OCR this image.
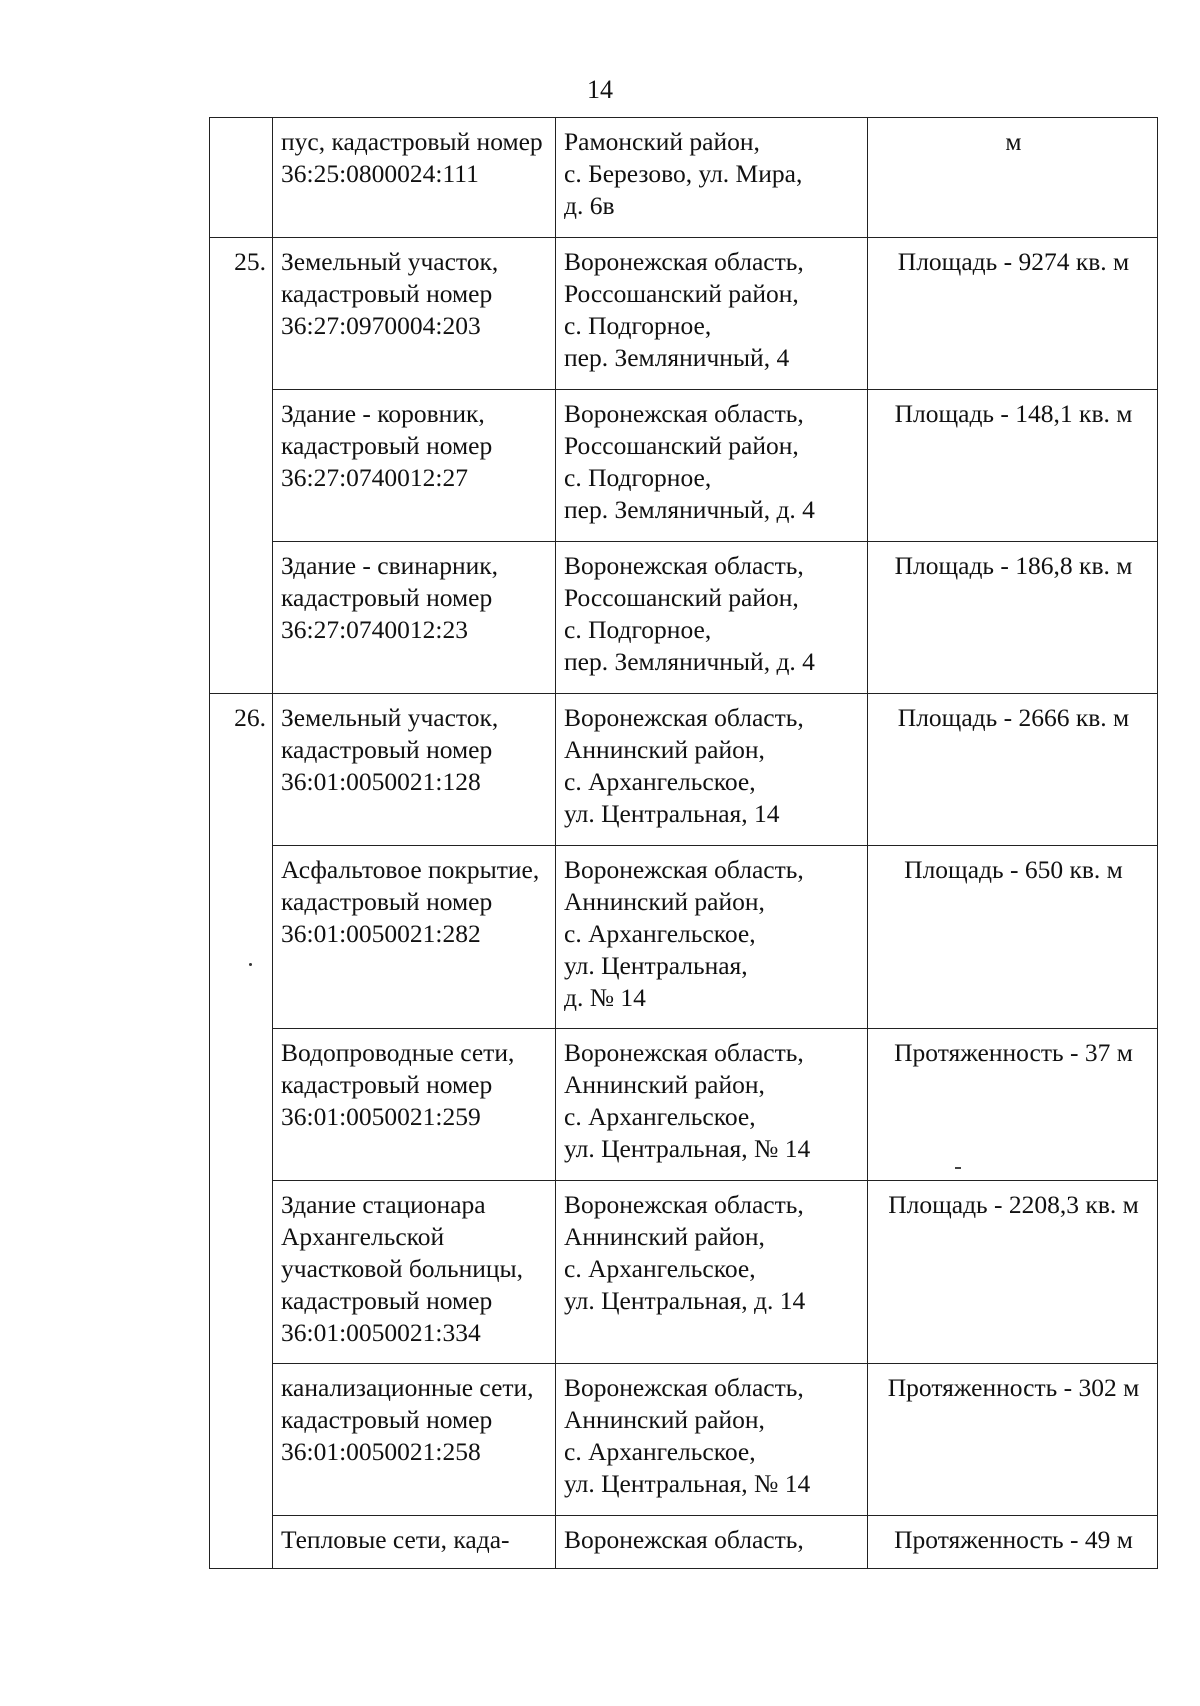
14
	пус, кадастровый номер 36:25:0800024:111	Рамонский район,
с. Березово, ул. Мира,
д. 6в	м
25.	Земельный участок,
кадастровый номер
36:27:0970004:203	Воронежская область,
Россошанский район,
с. Подгорное,
пер. Земляничный, 4	Площадь - 9274 кв. м
	Здание - коровник,
кадастровый номер
36:27:0740012:27	Воронежская область,
Россошанский район,
с. Подгорное,
пер. Земляничный, д. 4	Площадь - 148,1 кв. м
	Здание - свинарник,
кадастровый номер
36:27:0740012:23	Воронежская область,
Россошанский район,
с. Подгорное,
пер. Земляничный, д. 4	Площадь - 186,8 кв. м
26.	Земельный участок,
кадастровый номер
36:01:0050021:128	Воронежская область,
Аннинский район,
с. Архангельское,
ул. Центральная, 14	Площадь - 2666 кв. м
	Асфальтовое покрытие, кадастровый номер 36:01:0050021:282	Воронежская область,
Аннинский район,
с. Архангельское,
ул. Центральная,
д. № 14	Площадь - 650 кв. м
	Водопроводные сети,
кадастровый номер
36:01:0050021:259	Воронежская область,
Аннинский район,
с. Архангельское,
ул. Центральная, № 14	Протяженность - 37 м
	Здание стационара Архангельской участковой больницы, кадастровый номер
36:01:0050021:334	Воронежская область,
Аннинский район,
с. Архангельское,
ул. Центральная, д. 14	Площадь - 2208,3 кв. м
	канализационные сети, кадастровый номер 36:01:0050021:258	Воронежская область,
Аннинский район,
с. Архангельское,
ул. Центральная, № 14	Протяженность - 302 м
	Тепловые сети, када-	Воронежская область,	Протяженность - 49 м
